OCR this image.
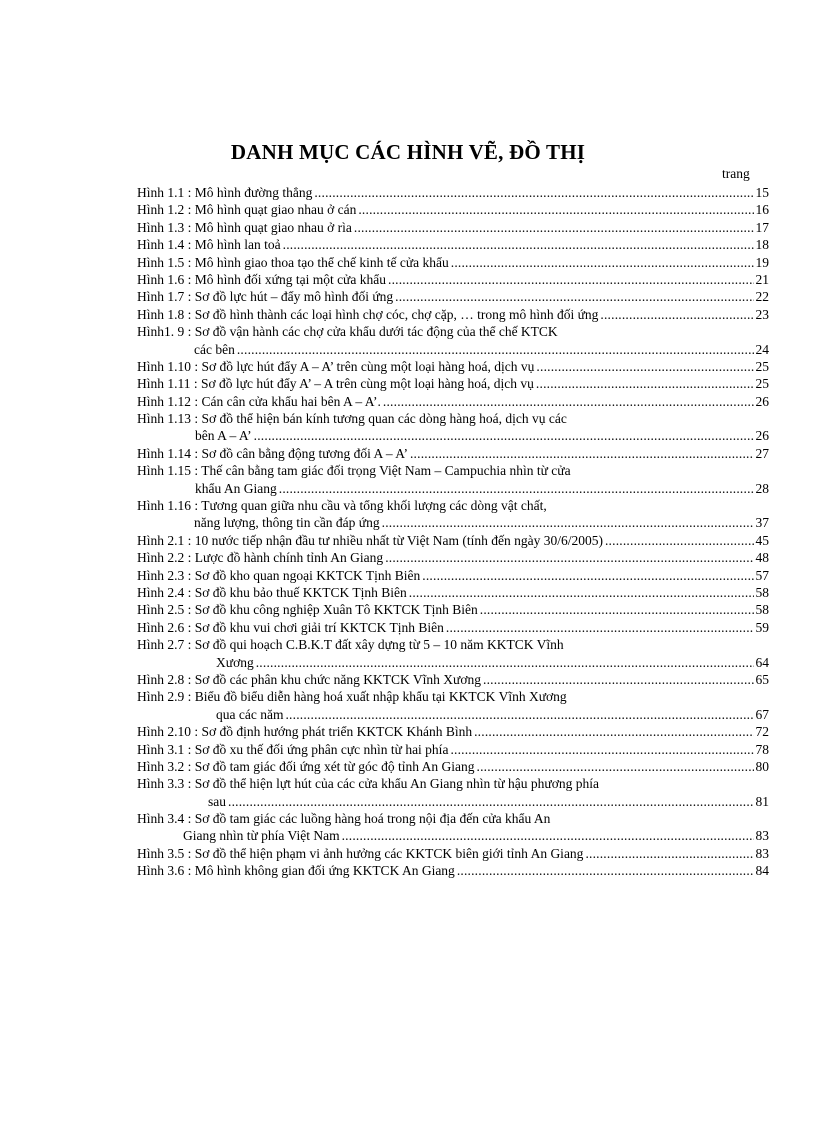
DANH MỤC CÁC HÌNH VẼ, ĐỒ THỊ
trang
Hình 1.1 : Mô hình đường thẳng .....	15
Hình 1.2 : Mô hình quạt giao nhau ở cán .....	16
Hình 1.3 : Mô hình quạt giao nhau ở rìa .....	17
Hình 1.4 : Mô hình lan toả .....	18
Hình 1.5 : Mô hình giao thoa tạo thể chế kinh tế cửa khẩu .....	19
Hình 1.6 : Mô hình đối xứng tại một cửa khẩu .....	21
Hình 1.7 : Sơ đồ lực hút – đẩy mô hình đối ứng .....	22
Hình 1.8 : Sơ đồ hình thành các loại hình chợ cóc, chợ cặp, … trong mô hình đối ứng .....	23
Hình1. 9 : Sơ đồ vận hành các chợ cửa khẩu dưới tác động của thể chế KTCK
các bên .....	24
Hình 1.10 : Sơ đồ lực hút đẩy A – A’ trên cùng một loại hàng hoá, dịch vụ .....	25
Hình 1.11 : Sơ đồ lực hút đẩy A’ – A trên cùng một loại hàng hoá, dịch vụ .....	25
Hình 1.12 : Cán cân cửa khẩu hai bên A – A’. .....	26
Hình 1.13 : Sơ đồ thể hiện bán kính tương quan các dòng hàng hoá, dịch vụ các
bên A – A’ .....	26
Hình 1.14 : Sơ đồ cân bằng động tương đối A – A’ .....	27
Hình 1.15 : Thế cân bằng tam giác đối trọng Việt Nam – Campuchia nhìn từ cửa
khẩu An Giang .....	28
Hình 1.16 : Tương quan giữa nhu cầu và tổng khối lượng các dòng vật chất,
năng lượng, thông tin cần đáp ứng .....	37
Hình 2.1 : 10 nước tiếp nhận đầu tư nhiều nhất từ Việt Nam (tính đến ngày 30/6/2005) .....	45
Hình 2.2 : Lược đồ hành chính tỉnh An Giang .....	48
Hình 2.3 : Sơ đồ kho quan ngoại KKTCK Tịnh Biên .....	57
Hình 2.4 : Sơ đồ khu bảo thuế KKTCK Tịnh Biên .....	58
Hình 2.5 : Sơ đồ khu công nghiệp Xuân Tô KKTCK Tịnh Biên .....	58
Hình 2.6 : Sơ đồ khu vui chơi giải trí KKTCK Tịnh Biên .....	59
Hình 2.7 : Sơ đồ qui hoạch C.B.K.T đất xây dựng từ 5 – 10 năm KKTCK Vĩnh
Xương .....	64
Hình 2.8 : Sơ đồ các phân khu chức năng KKTCK Vĩnh Xương .....	65
Hình 2.9 : Biểu đồ biểu diễn hàng hoá xuất nhập khẩu tại KKTCK Vĩnh Xương
qua các năm .....	67
Hình 2.10 : Sơ đồ định hướng phát triển KKTCK Khánh Bình .....	72
Hình 3.1 : Sơ đồ xu thế đối ứng phân cực nhìn từ hai phía .....	78
Hình 3.2 : Sơ đồ tam giác đối ứng xét từ góc độ tỉnh An Giang .....	80
Hình 3.3 : Sơ đồ thể hiện lựt hút của các cửa khẩu An Giang nhìn từ hậu phương phía
sau .....	81
Hình 3.4 : Sơ đồ tam giác các luồng hàng hoá trong nội địa đến cửa khẩu An
Giang nhìn từ phía Việt Nam .....	83
Hình 3.5 : Sơ đồ thể hiện phạm vi ảnh hưởng các KKTCK biên giới tỉnh An Giang .....	83
Hình 3.6 : Mô hình không gian đối ứng KKTCK An Giang .....	84
